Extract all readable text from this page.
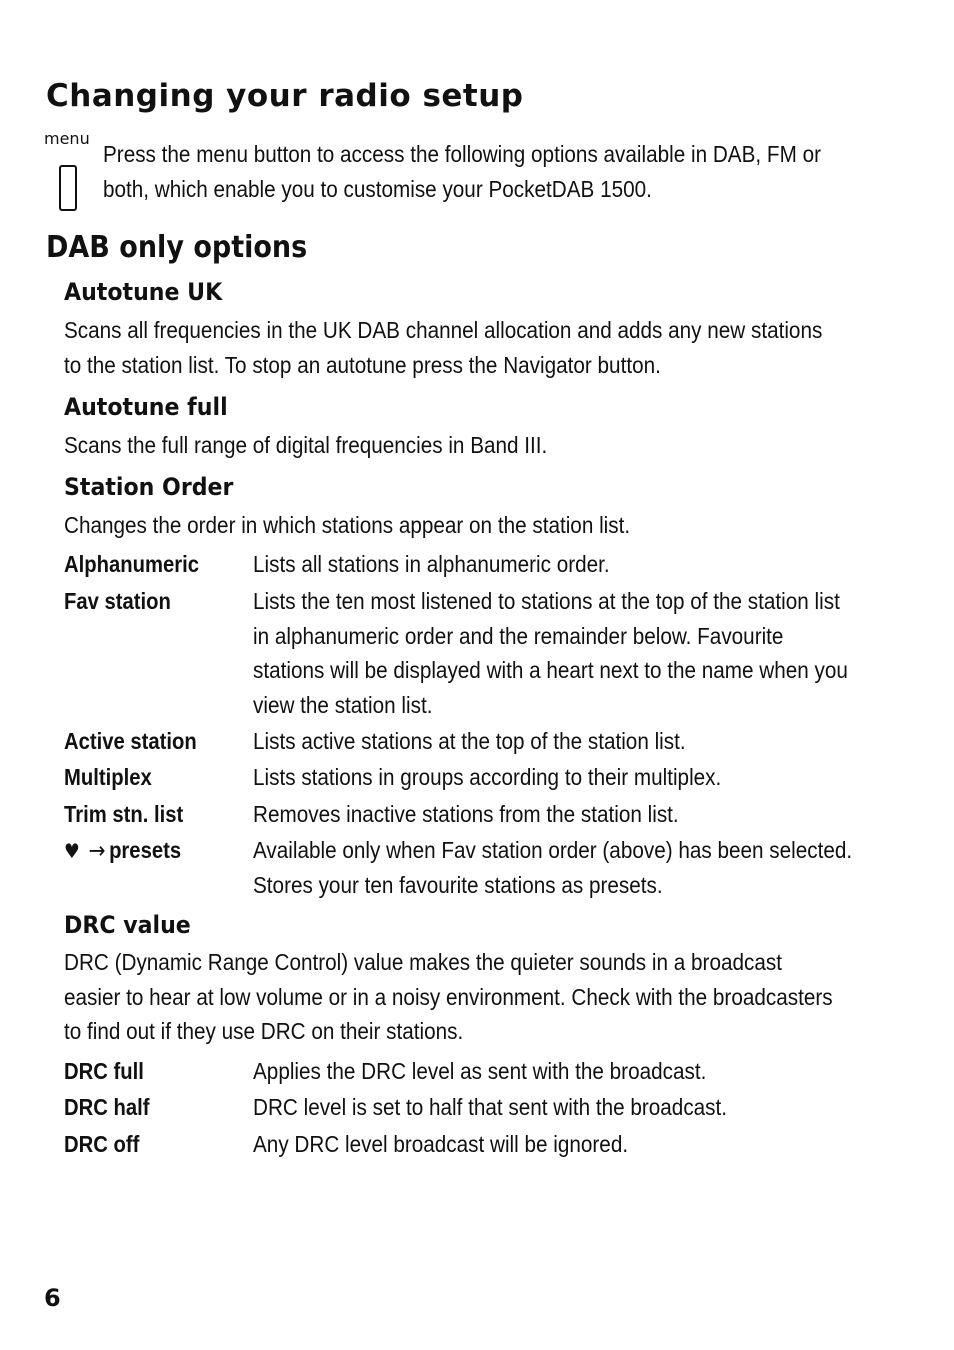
Changing your radio setup
menu

Press the menu button to access the following options available in DAB, FM or both, which enable you to customise your PocketDAB 1500.

DAB only options
Autotune UK

Scans all frequencies in the UK DAB channel allocation and adds any new stations to the station list. To stop an autotune press the Navigator button.

Autotune full

Scans the full range of digital frequencies in Band III.

Station Order

Changes the order in which stations appear on the station list.

Alphanumeric Lists all stations in alphanumeric order.
Fav station	Lists the ten most listened to stations at the top of the station list in alphanumeric order and the remainder below. Favourite stations will be displayed with a heart next to the name when you view the station list.
Active station Lists active stations at the top of the station list.
Multiplex	Lists stations in groups according to their multiplex.
Trim stn. list	Removes inactive stations from the station list.
♥ → presets	Available only when Fav station order (above) has been selected. Stores your ten favourite stations as presets.
DRC value

DRC (Dynamic Range Control) value makes the quieter sounds in a broadcast easier to hear at low volume or in a noisy environment. Check with the broadcasters to find out if they use DRC on their stations.

DRC full	Applies the DRC level as sent with the broadcast.
DRC half	DRC level is set to half that sent with the broadcast.
DRC off	Any DRC level broadcast will be ignored.
6
